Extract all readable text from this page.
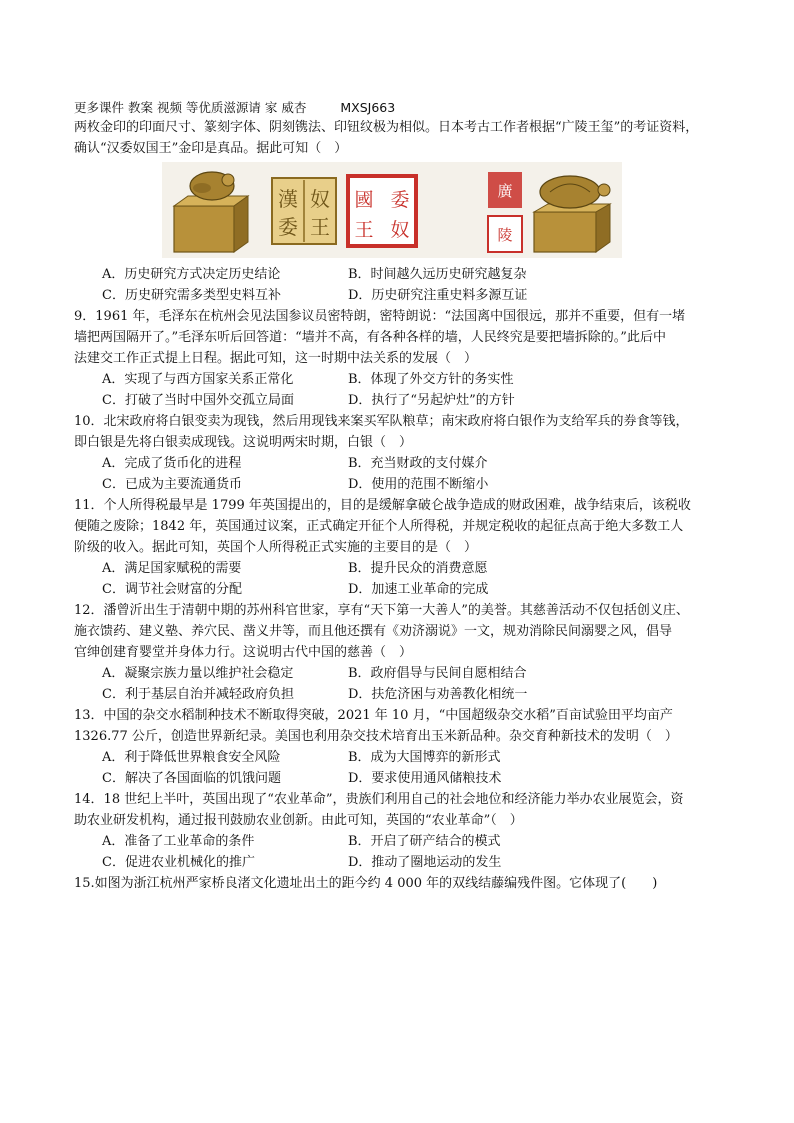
更多课件 教案 视频 等优质滋源请 家 威杏	MXSJ663
两枚金印的印面尺寸、篆刻字体、阴刻镌法、印钮纹极为相似。日本考古工作者根据“广陵王玺”的考证资料，
确认“汉委奴国王”金印是真品。据此可知（　）
漢
委
奴
王
國
王
委
奴
廣
陵
A．历史研究方式决定历史结论	B．时间越久远历史研究越复杂
C．历史研究需多类型史料互补	D．历史研究注重史料多源互证
9．1961 年，毛泽东在杭州会见法国参议员密特朗，密特朗说：“法国离中国很远，那并不重要，但有一堵
墙把两国隔开了。”毛泽东听后回答道：“墙并不高，有各种各样的墙，人民终究是要把墙拆除的。”此后中
法建交工作正式提上日程。据此可知，这一时期中法关系的发展（　）
A．实现了与西方国家关系正常化	B．体现了外交方针的务实性
C．打破了当时中国外交孤立局面	D．执行了“另起炉灶”的方针
10．北宋政府将白银变卖为现钱，然后用现钱来案买军队粮草；南宋政府将白银作为支给军兵的券食等钱，
即白银是先将白银卖成现钱。这说明两宋时期，白银（　）
A．完成了货币化的进程	B．充当财政的支付媒介
C．已成为主要流通货币	D．使用的范围不断缩小
11．个人所得税最早是 1799 年英国提出的，目的是缓解拿破仑战争造成的财政困难，战争结束后，该税收
便随之废除；1842 年，英国通过议案，正式确定开征个人所得税，并规定税收的起征点高于绝大多数工人
阶级的收入。据此可知，英国个人所得税正式实施的主要目的是（　）
A．满足国家赋税的需要	B．提升民众的消费意愿
C．调节社会财富的分配	D．加速工业革命的完成
12．潘曾沂出生于清朝中期的苏州科官世家，享有“天下第一大善人”的美誉。其慈善活动不仅包括创义庄、
施衣馈药、建义塾、养穴民、凿义井等，而且他还撰有《劝济溺说》一文，规劝消除民间溺婴之风，倡导
官绅创建育婴堂并身体力行。这说明古代中国的慈善（　）
A．凝聚宗族力量以维护社会稳定	B．政府倡导与民间自愿相结合
C．利于基层自治并减轻政府负担	D．扶危济困与劝善教化相统一
13．中国的杂交水稻制种技术不断取得突破，2021 年 10 月，“中国超级杂交水稻”百亩试验田平均亩产
1326.77 公斤，创造世界新纪录。美国也利用杂交技术培育出玉米新品种。杂交育种新技术的发明（　）
A．利于降低世界粮食安全风险	B．成为大国博弈的新形式
C．解决了各国面临的饥饿问题	D．要求使用通风储粮技术
14．18 世纪上半叶，英国出现了“农业革命”，贵族们利用自己的社会地位和经济能力举办农业展览会，资
助农业研发机构，通过报刊鼓励农业创新。由此可知，英国的“农业革命”（　）
A．准备了工业革命的条件	B．开启了研产结合的模式
C．促进农业机械化的推广	D．推动了圈地运动的发生
15.如图为浙江杭州严家桥良渚文化遗址出土的距今约 4 000 年的双线结藤编残件图。它体现了(　　)
